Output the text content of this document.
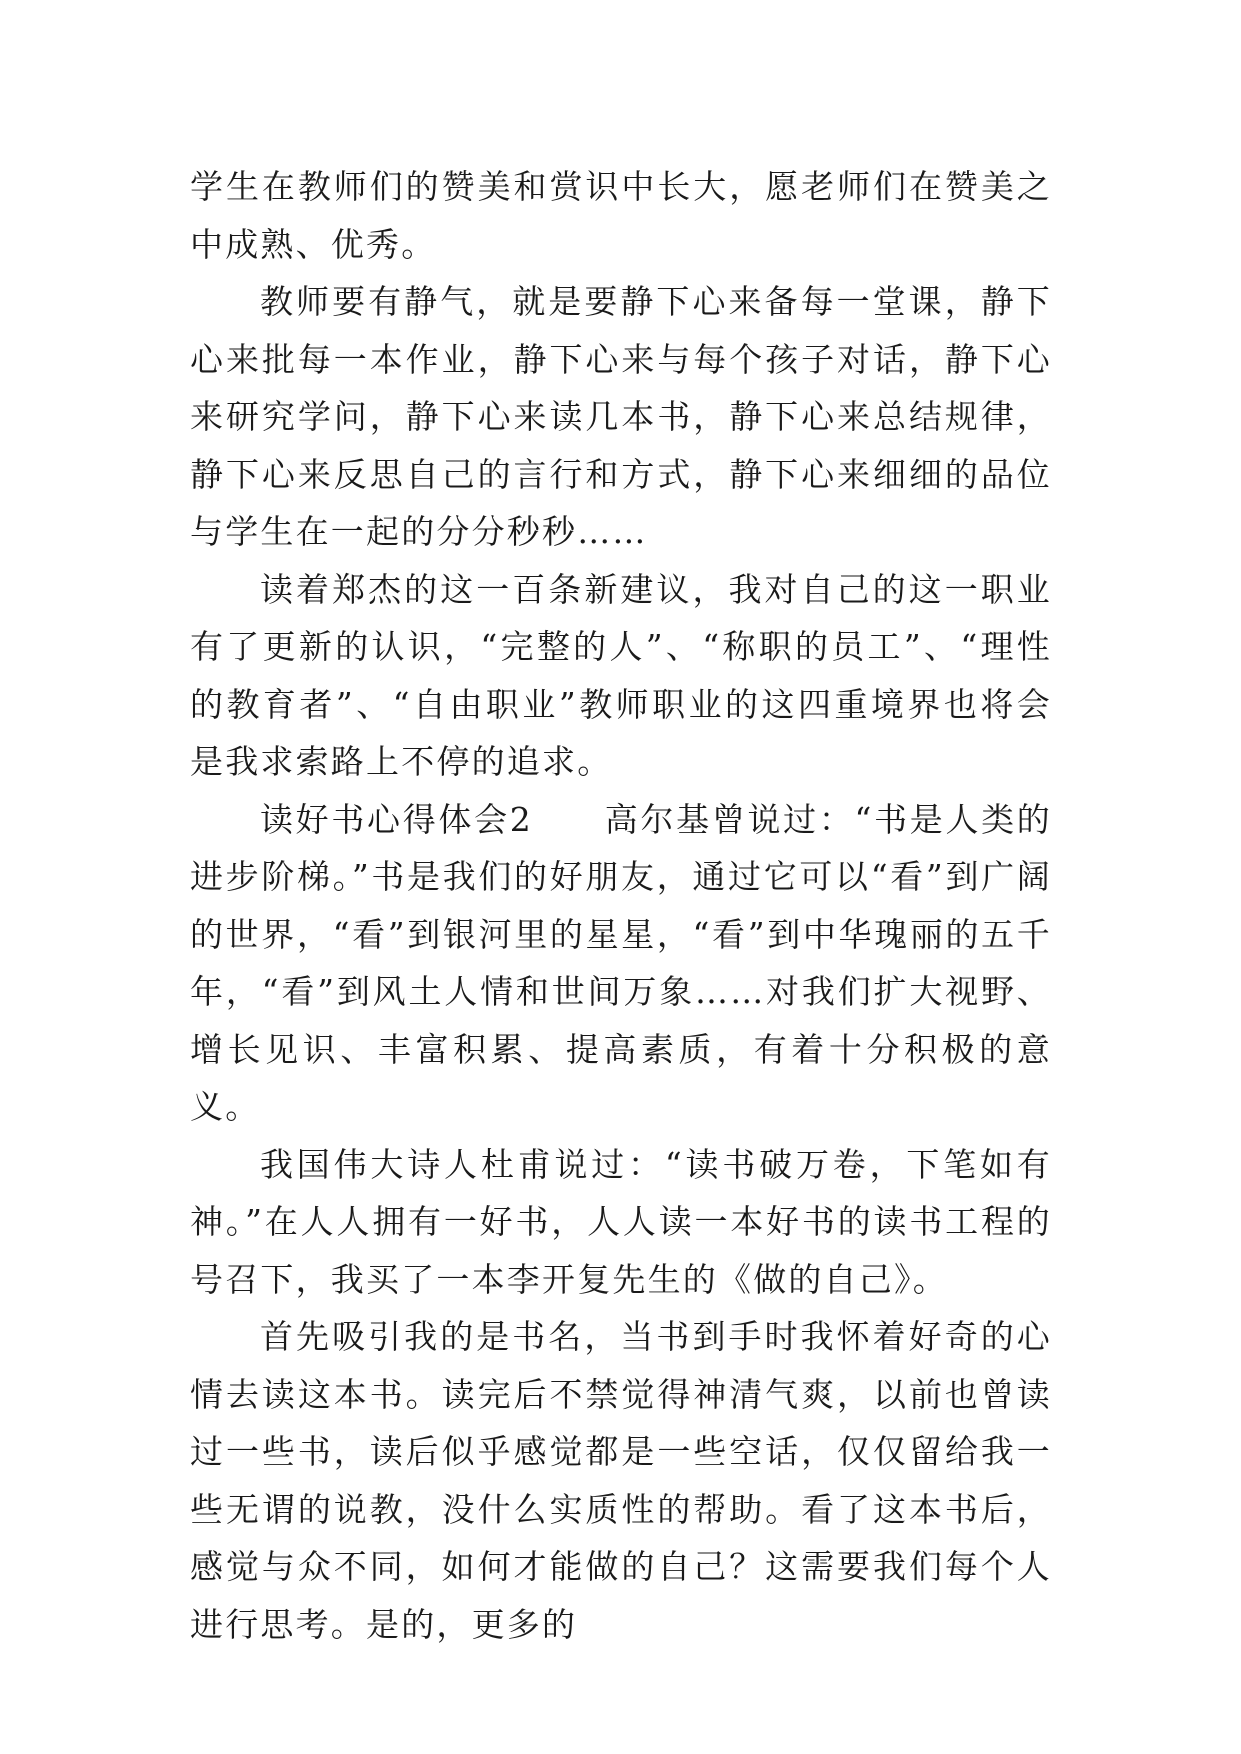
学生在教师们的赞美和赏识中长大，愿老师们在赞美之中成熟、优秀。

教师要有静气，就是要静下心来备每一堂课，静下心来批每一本作业，静下心来与每个孩子对话，静下心来研究学问，静下心来读几本书，静下心来总结规律，静下心来反思自己的言行和方式，静下心来细细的品位与学生在一起的分分秒秒……

读着郑杰的这一百条新建议，我对自己的这一职业有了更新的认识，“完整的人”、“称职的员工”、“理性的教育者”、“自由职业”教师职业的这四重境界也将会是我求索路上不停的追求。

读好书心得体会2　　高尔基曾说过：“书是人类的进步阶梯。”书是我们的好朋友，通过它可以“看”到广阔的世界，“看”到银河里的星星，“看”到中华瑰丽的五千年，“看”到风土人情和世间万象……对我们扩大视野、增长见识、丰富积累、提高素质，有着十分积极的意义。

我国伟大诗人杜甫说过：“读书破万卷，下笔如有神。”在人人拥有一好书，人人读一本好书的读书工程的号召下，我买了一本李开复先生的《做的自己》。

首先吸引我的是书名，当书到手时我怀着好奇的心情去读这本书。读完后不禁觉得神清气爽，以前也曾读过一些书，读后似乎感觉都是一些空话，仅仅留给我一些无谓的说教，没什么实质性的帮助。看了这本书后，感觉与众不同，如何才能做的自己？这需要我们每个人进行思考。是的，更多的
